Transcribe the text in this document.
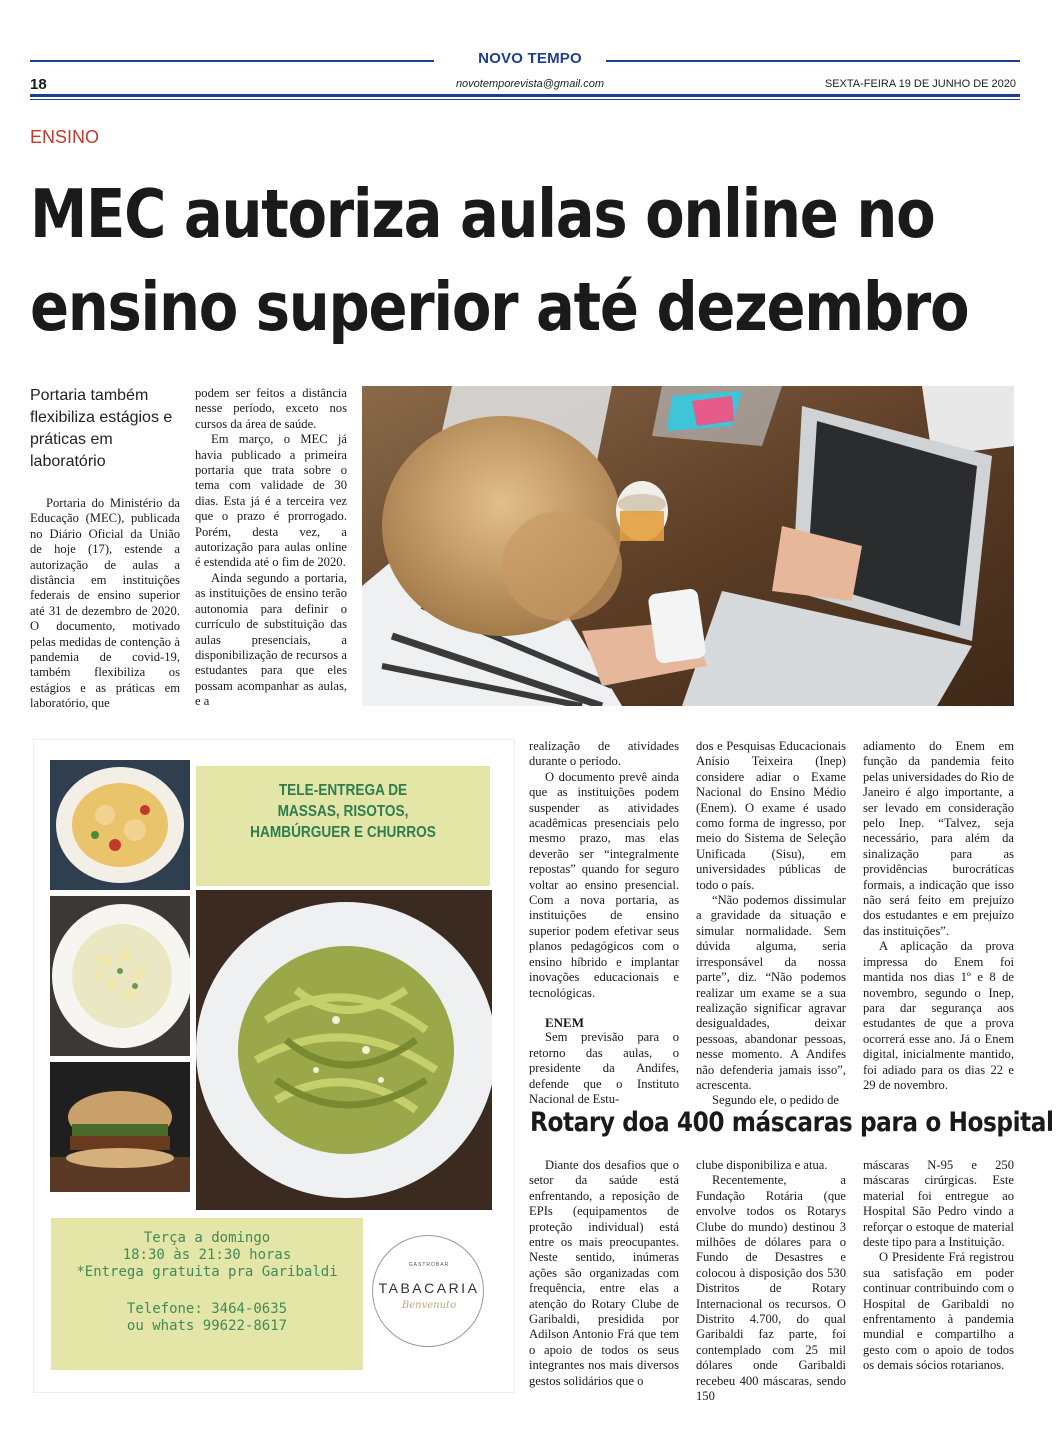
NOVO TEMPO
18	novotemporevista@gmail.com	SEXTA-FEIRA 19 DE JUNHO DE 2020
ENSINO
MEC autoriza aulas online no
ensino superior até dezembro
Portaria também flexibiliza estágios e práticas em laboratório

Portaria do Ministério da Educação (MEC), publicada no Diário Oficial da União de hoje (17), estende a autorização de aulas a distância em instituições federais de ensino superior até 31 de dezembro de 2020. O documento, motivado pelas medidas de contenção à pandemia de covid-19, também flexibiliza os estágios e as práticas em laboratório, que

podem ser feitos a distância nesse período, exceto nos cursos da área de saúde.

Em março, o MEC já havia publicado a primeira portaria que trata sobre o tema com validade de 30 dias. Esta já é a terceira vez que o prazo é prorrogado. Porém, desta vez, a autorização para aulas online é estendida até o fim de 2020.

Ainda segundo a portaria, as instituições de ensino terão autonomia para definir o currículo de substituição das aulas presenciais, a disponibilização de recursos a estudantes para que eles possam acompanhar as aulas, e a

TELE-ENTREGA DE
MASSAS, RISOTOS,
HAMBÚRGUER E CHURROS
Terça a domingo
18:30 às 21:30 horas
*Entrega gratuita pra Garibaldi
Telefone: 3464-0635
ou whats 99622-8617
GASTROBAR
TABACARIA
Benvenuto

realização de atividades durante o período.

O documento prevê ainda que as instituições podem suspender as atividades acadêmicas presenciais pelo mesmo prazo, mas elas deverão ser “integralmente repostas” quando for seguro voltar ao ensino presencial. Com a nova portaria, as instituições de ensino superior podem efetivar seus planos pedagógicos com o ensino híbrido e implantar inovações educacionais e tecnológicas.

ENEM

Sem previsão para o retorno das aulas, o presidente da Andifes, defende que o Instituto Nacional de Estu-

dos e Pesquisas Educacionais Anísio Teixeira (Inep) considere adiar o Exame Nacional do Ensino Médio (Enem). O exame é usado como forma de ingresso, por meio do Sistema de Seleção Unificada (Sisu), em universidades públicas de todo o país.

“Não podemos dissimular a gravidade da situação e simular normalidade. Sem dúvida alguma, seria irresponsável da nossa parte”, diz. “Não podemos realizar um exame se a sua realização significar agravar desigualdades, deixar pessoas, abandonar pessoas, nesse momento. A Andifes não defenderia jamais isso”, acrescenta.

Segundo ele, o pedido de

adiamento do Enem em função da pandemia feito pelas universidades do Rio de Janeiro é algo importante, a ser levado em consideração pelo Inep. “Talvez, seja necessário, para além da sinalização para as providências burocráticas formais, a indicação que isso não será feito em prejuízo dos estudantes e em prejuízo das instituições”.

A aplicação da prova impressa do Enem foi mantida nos dias 1º e 8 de novembro, segundo o Inep, para dar segurança aos estudantes de que a prova ocorrerá esse ano. Já o Enem digital, inicialmente mantido, foi adiado para os dias 22 e 29 de novembro.

Rotary doa 400 máscaras para o Hospital

Diante dos desafios que o setor da saúde está enfrentando, a reposição de EPIs (equipamentos de proteção individual) está entre os mais preocupantes. Neste sentido, inúmeras ações são organizadas com frequência, entre elas a atenção do Rotary Clube de Garibaldi, presidida por Adilson Antonio Frá que tem o apoio de todos os seus integrantes nos mais diversos gestos solidários que o

clube disponibiliza e atua.

Recentemente, a Fundação Rotária (que envolve todos os Rotarys Clube do mundo) destinou 3 milhões de dólares para o Fundo de Desastres e colocou à disposição dos 530 Distritos de Rotary Internacional os recursos. O Distrito 4.700, do qual Garibaldi faz parte, foi contemplado com 25 mil dólares onde Garibaldi recebeu 400 máscaras, sendo 150

máscaras N-95 e 250 máscaras cirúrgicas. Este material foi entregue ao Hospital São Pedro vindo a reforçar o estoque de material deste tipo para a Instituição.

O Presidente Frá registrou sua satisfação em poder continuar contribuindo com o Hospital de Garibaldi no enfrentamento à pandemia mundial e compartilho a gesto com o apoio de todos os demais sócios rotarianos.
